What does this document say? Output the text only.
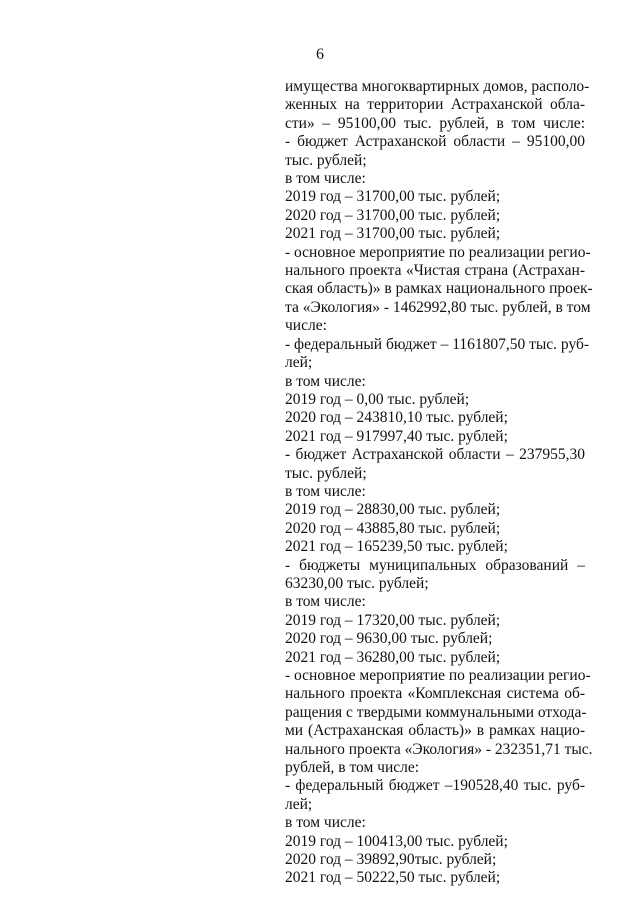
6
имущества многоквартирных домов, располо-
женных на территории Астраханской обла-
сти» – 95100,00 тыс. рублей, в том числе:
- бюджет Астраханской области – 95100,00
тыс. рублей;
в том числе:
2019 год – 31700,00 тыс. рублей;
2020 год – 31700,00 тыс. рублей;
2021 год – 31700,00 тыс. рублей;
- основное мероприятие по реализации регио-
нального проекта «Чистая страна (Астрахан-
ская область)» в рамках национального проек-
та «Экология» - 1462992,80 тыс. рублей, в том
числе:
- федеральный бюджет – 1161807,50 тыс. руб-
лей;
в том числе:
2019 год – 0,00 тыс. рублей;
2020 год – 243810,10 тыс. рублей;
2021 год – 917997,40 тыс. рублей;
- бюджет Астраханской области – 237955,30
тыс. рублей;
в том числе:
2019 год – 28830,00 тыс. рублей;
2020 год – 43885,80 тыс. рублей;
2021 год – 165239,50 тыс. рублей;
- бюджеты муниципальных образований –
63230,00 тыс. рублей;
в том числе:
2019 год – 17320,00 тыс. рублей;
2020 год – 9630,00 тыс. рублей;
2021 год – 36280,00 тыс. рублей;
- основное мероприятие по реализации регио-
нального проекта «Комплексная система об-
ращения с твердыми коммунальными отхода-
ми (Астраханская область)» в рамках нацио-
нального проекта «Экология» - 232351,71 тыс.
рублей, в том числе:
- федеральный бюджет –190528,40 тыс. руб-
лей;
в том числе:
2019 год – 100413,00 тыс. рублей;
2020 год – 39892,90тыс. рублей;
2021 год – 50222,50 тыс. рублей;
